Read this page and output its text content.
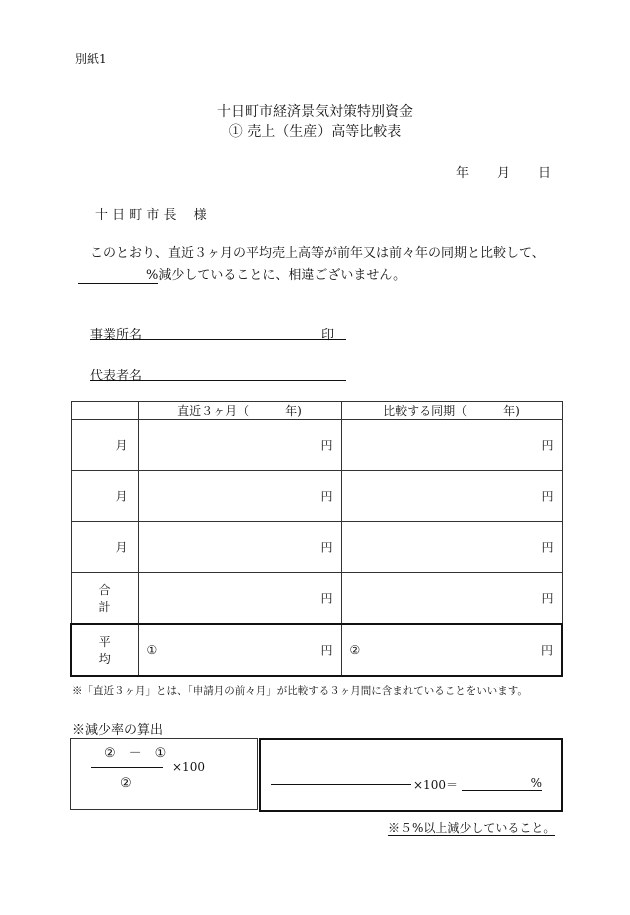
別紙1
十日町市経済景気対策特別資金
① 売上（生産）高等比較表
年 月 日
十 日 町 市 長　 様
このとおり、直近３ヶ月の平均売上高等が前年又は前々年の同期と比較して、
%減少していることに、相違ございません。
事業所名	印
代表者名
	直近３ヶ月（　　　年)	比較する同期（　　　年)

月	円	円

月	円	円

月	円	円

合計	円	円

平均	① 円	② 円
※「直近３ヶ月」とは、「申請月の前々月」が比較する３ヶ月間に含まれていることをいいます。
※減少率の算出
②　－　①
×100
②	×100＝	%
※５%以上減少していること。
